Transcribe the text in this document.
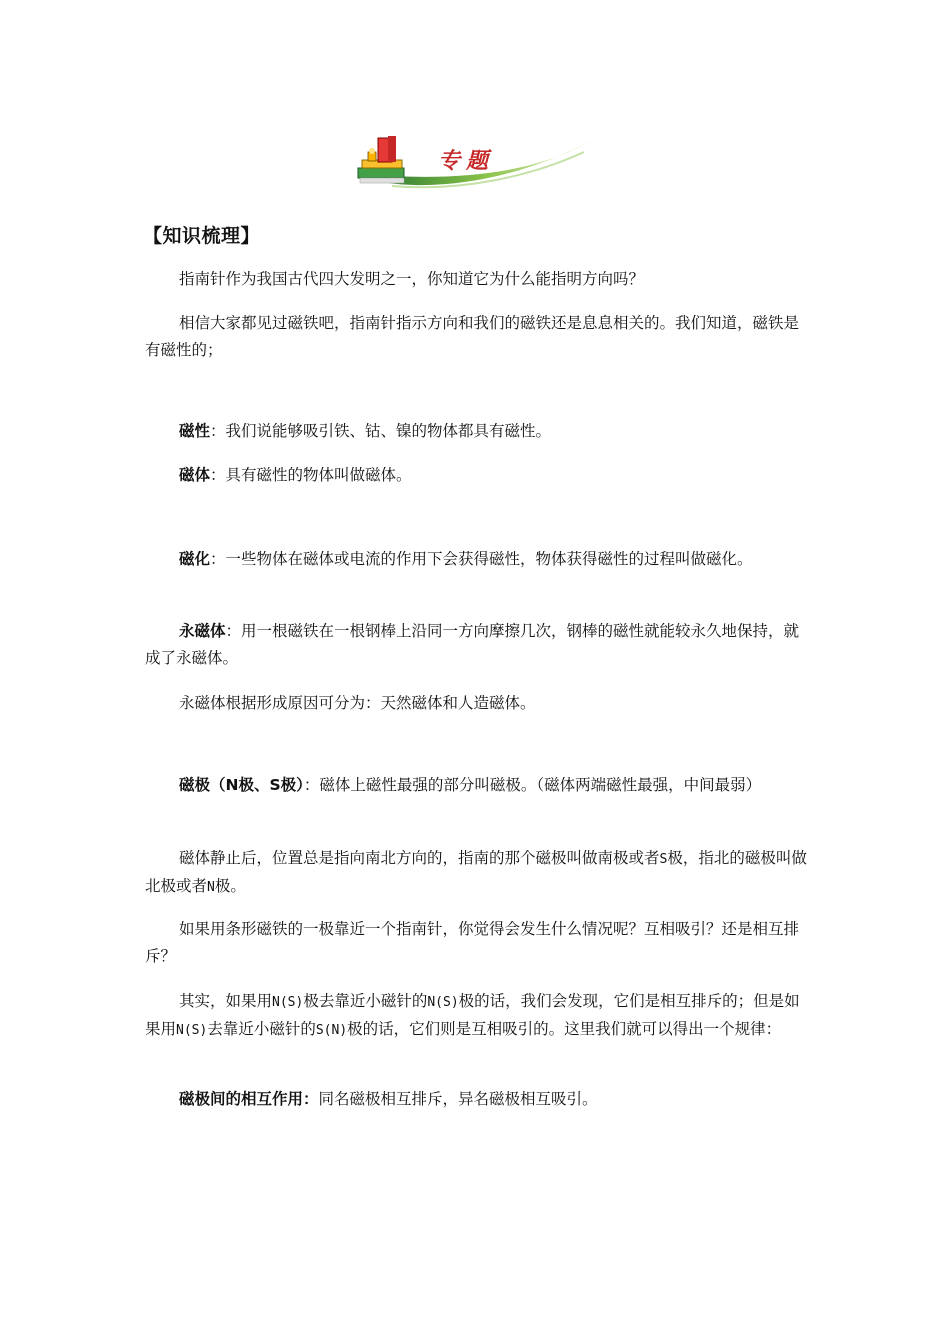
专题
【知识梳理】
指南针作为我国古代四大发明之一，你知道它为什么能指明方向吗？
相信大家都见过磁铁吧，指南针指示方向和我们的磁铁还是息息相关的。我们知道，磁铁是有磁性的；
磁性：我们说能够吸引铁、钴、镍的物体都具有磁性。
磁体：具有磁性的物体叫做磁体。
磁化：一些物体在磁体或电流的作用下会获得磁性，物体获得磁性的过程叫做磁化。
永磁体：用一根磁铁在一根钢棒上沿同一方向摩擦几次，钢棒的磁性就能较永久地保持，就成了永磁体。
永磁体根据形成原因可分为：天然磁体和人造磁体。
磁极（N极、S极）：磁体上磁性最强的部分叫磁极。（磁体两端磁性最强，中间最弱）
磁体静止后，位置总是指向南北方向的，指南的那个磁极叫做南极或者S极，指北的磁极叫做北极或者N极。
如果用条形磁铁的一极靠近一个指南针，你觉得会发生什么情况呢？互相吸引？还是相互排斥？
其实，如果用N(S)极去靠近小磁针的N(S)极的话，我们会发现，它们是相互排斥的；但是如果用N(S)去靠近小磁针的S(N)极的话，它们则是互相吸引的。这里我们就可以得出一个规律：
磁极间的相互作用：同名磁极相互排斥，异名磁极相互吸引。
